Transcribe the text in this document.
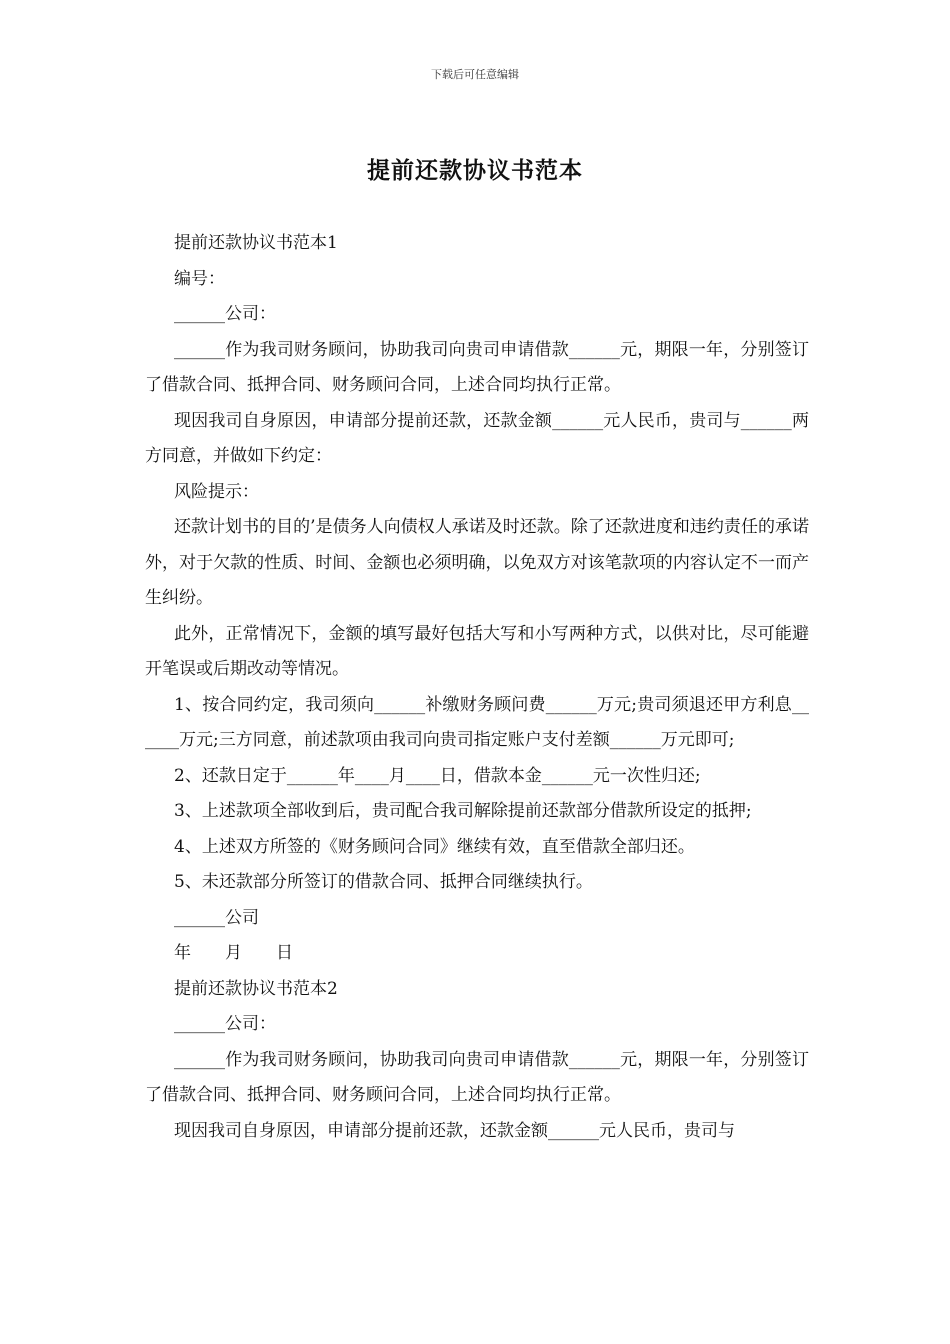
下载后可任意编辑
提前还款协议书范本

提前还款协议书范本1

编号：

______公司：

______作为我司财务顾问，协助我司向贵司申请借款______元，期限一年，分别签订了借款合同、抵押合同、财务顾问合同，上述合同均执行正常。

现因我司自身原因，申请部分提前还款，还款金额______元人民币，贵司与______两方同意，并做如下约定：

风险提示：

还款计划书的目的’是债务人向债权人承诺及时还款。除了还款进度和违约责任的承诺外，对于欠款的性质、时间、金额也必须明确，以免双方对该笔款项的内容认定不一而产生纠纷。

此外，正常情况下，金额的填写最好包括大写和小写两种方式，以供对比，尽可能避开笔误或后期改动等情况。

1、按合同约定，我司须向______补缴财务顾问费______万元;贵司须退还甲方利息______万元;三方同意，前述款项由我司向贵司指定账户支付差额______万元即可;

2、还款日定于______年____月____日，借款本金______元一次性归还;

3、上述款项全部收到后，贵司配合我司解除提前还款部分借款所设定的抵押;

4、上述双方所签的《财务顾问合同》继续有效，直至借款全部归还。

5、未还款部分所签订的借款合同、抵押合同继续执行。

______公司

年　　月　　日

提前还款协议书范本2

______公司：

______作为我司财务顾问，协助我司向贵司申请借款______元，期限一年，分别签订了借款合同、抵押合同、财务顾问合同，上述合同均执行正常。

现因我司自身原因，申请部分提前还款，还款金额______元人民币，贵司与
